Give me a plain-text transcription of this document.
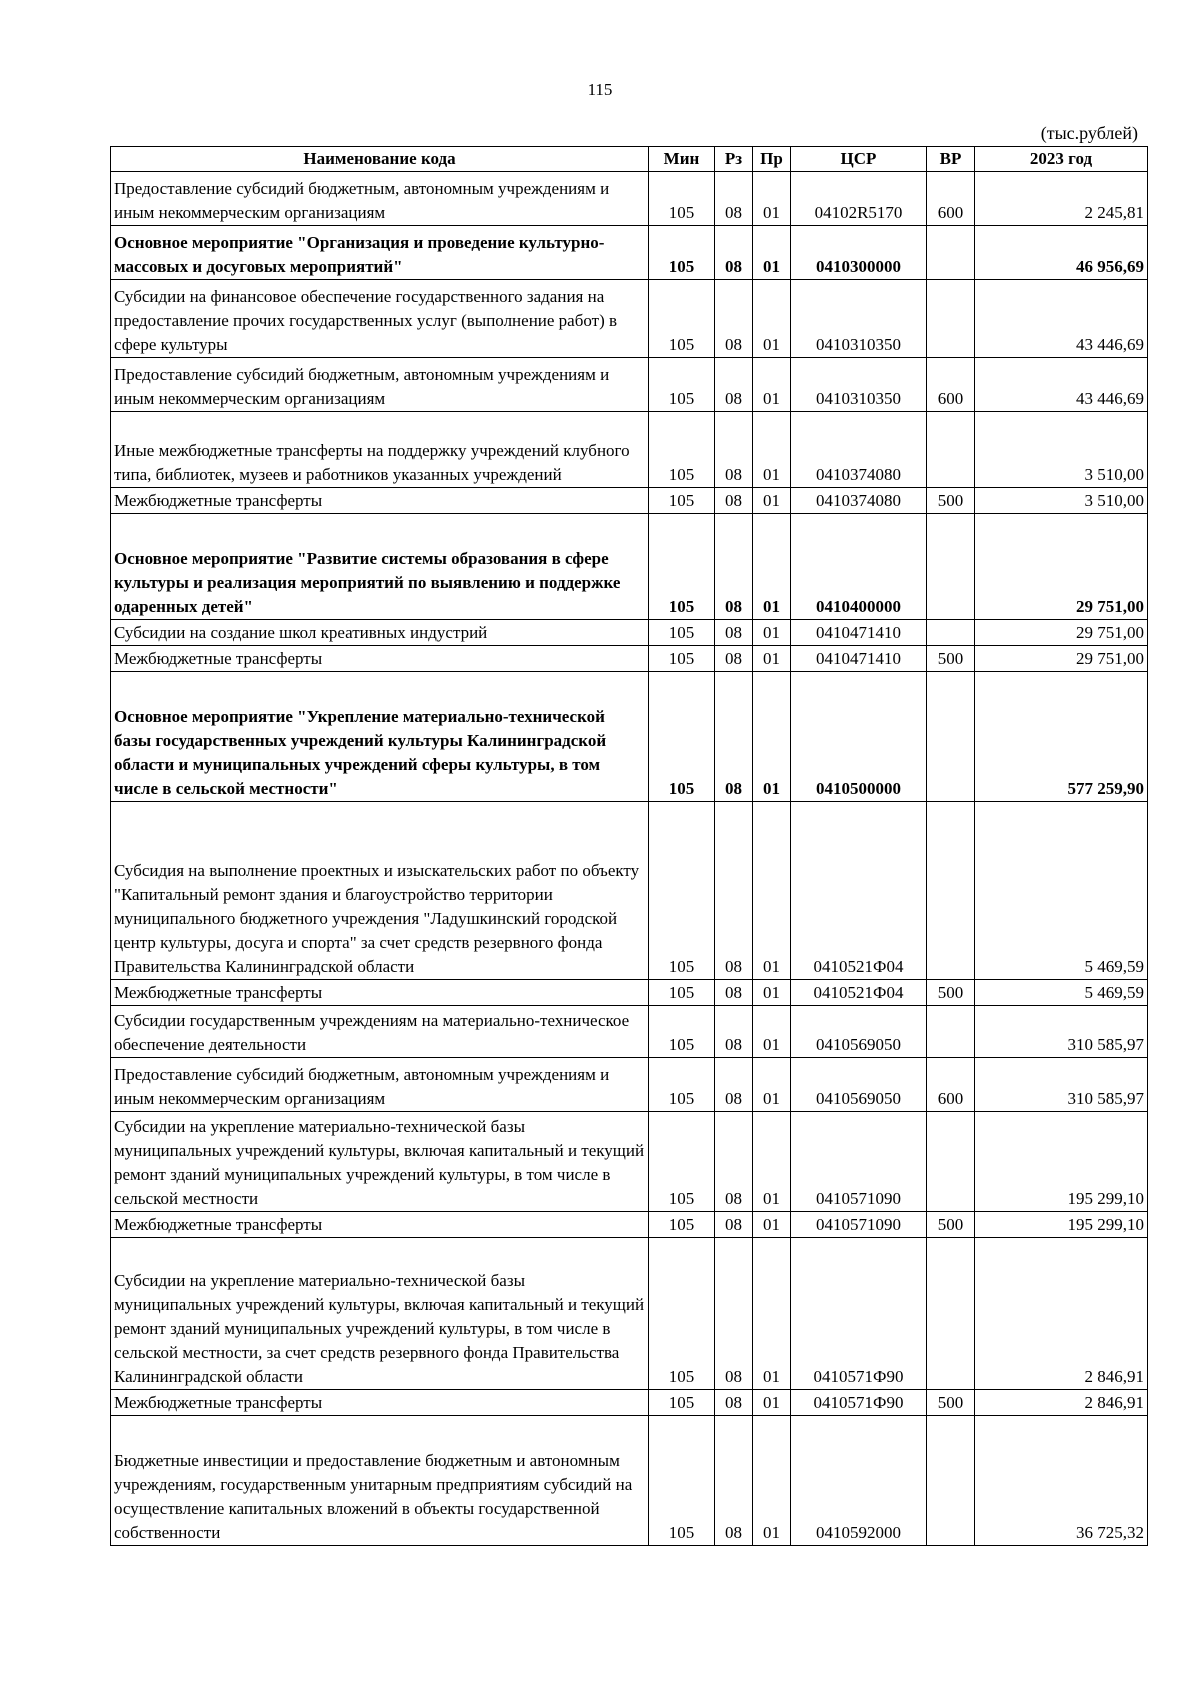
115
(тыс.рублей)
Наименование кода	Мин	Рз	Пр	ЦСР	ВР	2023 год
Предоставление субсидий бюджетным, автономным учреждениям и иным некоммерческим организациям	105	08	01	04102R5170	600	2 245,81
Основное мероприятие "Организация и проведение культурно-массовых и досуговых мероприятий"	105	08	01	0410300000		46 956,69
Субсидии на финансовое обеспечение государственного задания на предоставление прочих государственных услуг (выполнение работ) в сфере культуры	105	08	01	0410310350		43 446,69
Предоставление субсидий бюджетным, автономным учреждениям и иным некоммерческим организациям	105	08	01	0410310350	600	43 446,69
Иные межбюджетные трансферты на поддержку учреждений клубного типа, библиотек, музеев и работников указанных учреждений	105	08	01	0410374080		3 510,00
Межбюджетные трансферты	105	08	01	0410374080	500	3 510,00
Основное мероприятие "Развитие системы образования в сфере культуры и реализация мероприятий по выявлению и поддержке одаренных детей"	105	08	01	0410400000		29 751,00
Субсидии на создание школ креативных индустрий	105	08	01	0410471410		29 751,00
Межбюджетные трансферты	105	08	01	0410471410	500	29 751,00
Основное мероприятие "Укрепление материально-технической базы государственных учреждений культуры Калининградской области и муниципальных учреждений сферы культуры, в том числе в сельской местности"	105	08	01	0410500000		577 259,90
Субсидия на выполнение проектных и изыскательских работ по объекту "Капитальный ремонт здания и благоустройство территории муниципального бюджетного учреждения "Ладушкинский городской центр культуры, досуга и спорта" за счет средств резервного фонда Правительства Калининградской области	105	08	01	0410521Ф04		5 469,59
Межбюджетные трансферты	105	08	01	0410521Ф04	500	5 469,59
Субсидии государственным учреждениям на материально-техническое обеспечение деятельности	105	08	01	0410569050		310 585,97
Предоставление субсидий бюджетным, автономным учреждениям и иным некоммерческим организациям	105	08	01	0410569050	600	310 585,97
Субсидии на укрепление материально-технической базы муниципальных учреждений культуры, включая капитальный и текущий ремонт зданий муниципальных учреждений культуры, в том числе в сельской местности	105	08	01	0410571090		195 299,10
Межбюджетные трансферты	105	08	01	0410571090	500	195 299,10
Субсидии на укрепление материально-технической базы муниципальных учреждений культуры, включая капитальный и текущий ремонт зданий муниципальных учреждений культуры, в том числе в сельской местности, за счет средств резервного фонда Правительства Калининградской области	105	08	01	0410571Ф90		2 846,91
Межбюджетные трансферты	105	08	01	0410571Ф90	500	2 846,91
Бюджетные инвестиции и предоставление бюджетным и автономным учреждениям, государственным унитарным предприятиям субсидий на осуществление капитальных вложений в объекты государственной собственности	105	08	01	0410592000		36 725,32
